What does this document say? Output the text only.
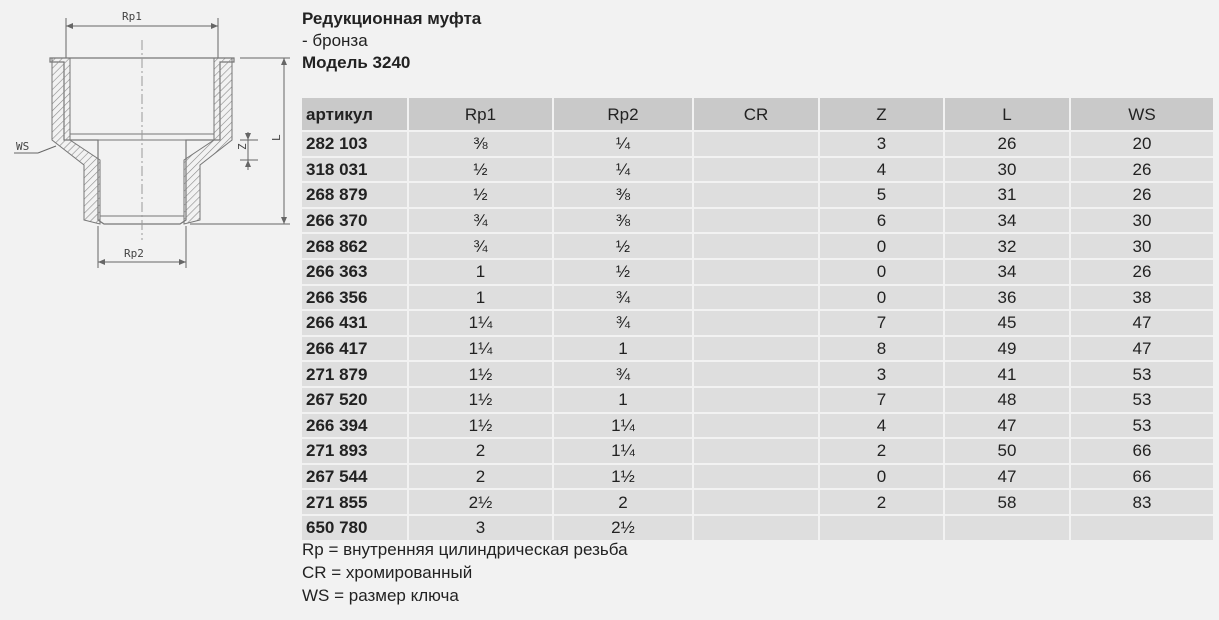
Rp1
WS	Z
L
Rp2
Редукционная муфта
- бронза
Модель 3240
артикул	Rp1	Rp2	CR	Z	L	WS
282 103	⅜	¼		3	26	20
318 031	½	¼		4	30	26
268 879	½	⅜		5	31	26
266 370	¾	⅜		6	34	30
268 862	¾	½		0	32	30
266 363	1	½		0	34	26
266 356	1	¾		0	36	38
266 431	1¼	¾		7	45	47
266 417	1¼	1		8	49	47
271 879	1½	¾		3	41	53
267 520	1½	1		7	48	53
266 394	1½	1¼		4	47	53
271 893	2	1¼		2	50	66
267 544	2	1½		0	47	66
271 855	2½	2		2	58	83
650 780	3	2½				
Rp = внутренняя цилиндрическая резьба
CR = хромированный
WS = размер ключа
